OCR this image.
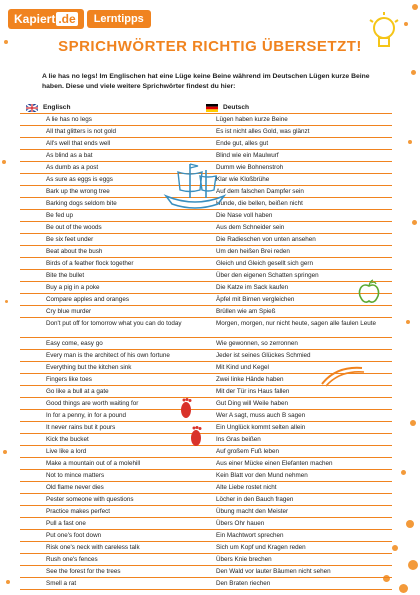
Kapiert .de	Lerntipps
SPRICHWÖRTER RICHTIG ÜBERSETZT!
A lie has no legs! Im Englischen hat eine Lüge keine Beine während im Deutschen Lügen kurze Beine haben. Diese und viele weitere Sprichwörter findest du hier:
Englisch	Deutsch
A lie has no legs	Lügen haben kurze Beine
All that glitters is not gold	Es ist nicht alles Gold, was glänzt
All's well that ends well	Ende gut, alles gut
As blind as a bat	Blind wie ein Maulwurf
As dumb as a post	Dumm wie Bohnenstroh
As sure as eggs is eggs	Klar wie Kloßbrühe
Bark up the wrong tree	Auf dem falschen Dampfer sein
Barking dogs seldom bite	Hunde, die bellen, beißen nicht
Be fed up	Die Nase voll haben
Be out of the woods	Aus dem Schneider sein
Be six feet under	Die Radieschen von unten ansehen
Beat about the bush	Um den heißen Brei reden
Birds of a feather flock together	Gleich und Gleich gesellt sich gern
Bite the bullet	Über den eigenen Schatten springen
Buy a pig in a poke	Die Katze im Sack kaufen
Compare apples and oranges	Äpfel mit Birnen vergleichen
Cry blue murder	Brüllen wie am Spieß
Don't put off for tomorrow what you can do today	Morgen, morgen, nur nicht heute, sagen alle faulen Leute
Easy come, easy go	Wie gewonnen, so zerronnen
Every man is the architect of his own fortune	Jeder ist seines Glückes Schmied
Everything but the kitchen sink	Mit Kind und Kegel
Fingers like toes	Zwei linke Hände haben
Go like a bull at a gate	Mit der Tür ins Haus fallen
Good things are worth waiting for	Gut Ding will Weile haben
In for a penny, in for a pound	Wer A sagt, muss auch B sagen
It never rains but it pours	Ein Unglück kommt selten allein
Kick the bucket	Ins Gras beißen
Live like a lord	Auf großem Fuß leben
Make a mountain out of a molehill	Aus einer Mücke einen Elefanten machen
Not to mince matters	Kein Blatt vor den Mund nehmen
Old flame never dies	Alte Liebe rostet nicht
Pester someone with questions	Löcher in den Bauch fragen
Practice makes perfect	Übung macht den Meister
Pull a fast one	Übers Ohr hauen
Put one's foot down	Ein Machtwort sprechen
Risk one's neck with careless talk	Sich um Kopf und Kragen reden
Rush one's fences	Übers Knie brechen
See the forest for the trees	Den Wald vor lauter Bäumen nicht sehen
Smell a rat	Den Braten riechen
